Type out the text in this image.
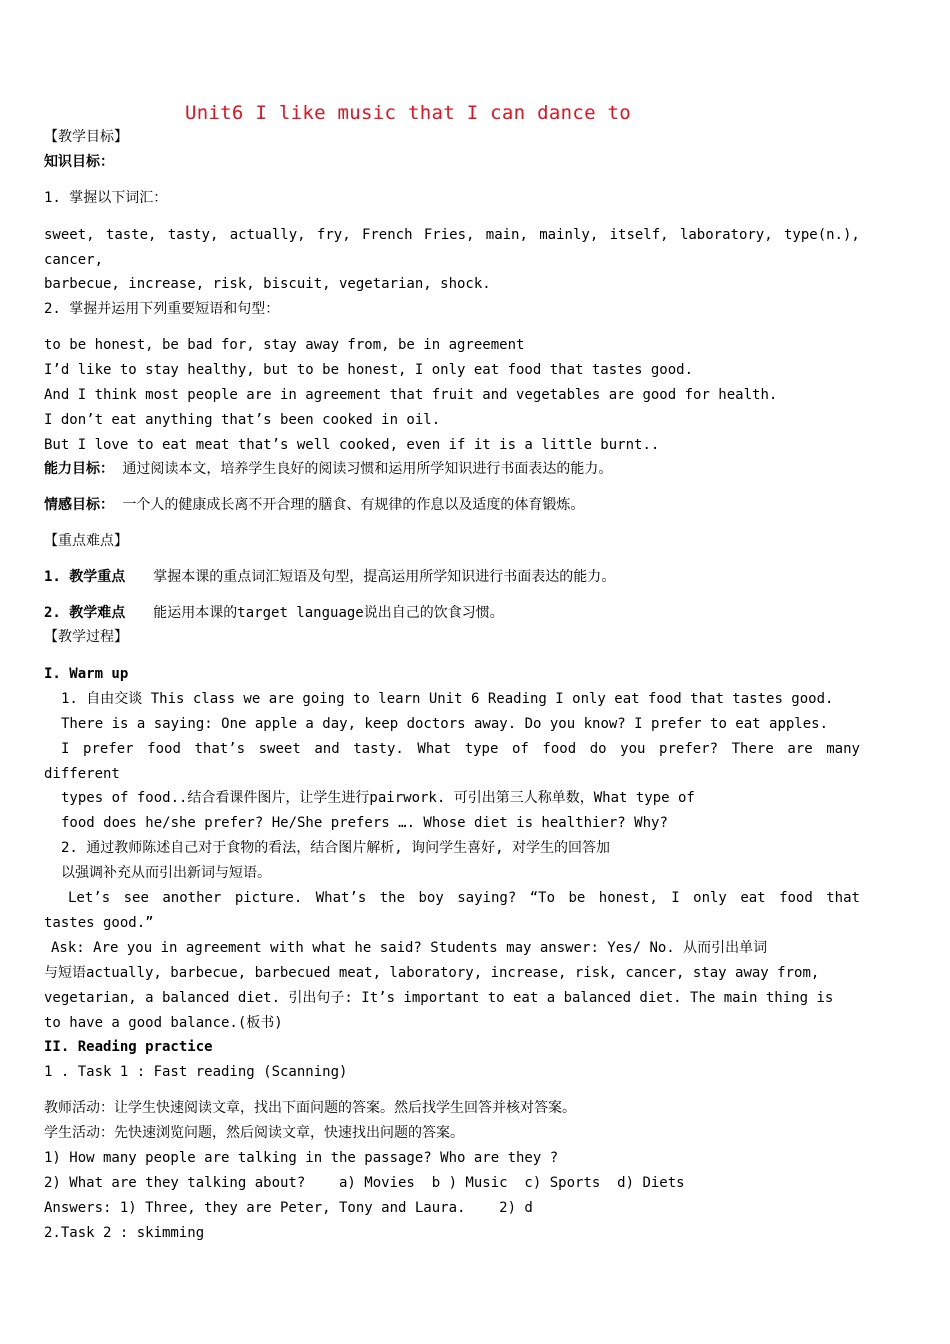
Unit6 I like music that I can dance to
【教学目标】
知识目标：
1. 掌握以下词汇：
sweet, taste, tasty, actually, fry, French Fries, main, mainly, itself, laboratory, type(n.),
cancer,
barbecue, increase, risk, biscuit, vegetarian, shock.
2. 掌握并运用下列重要短语和句型：
to be honest, be bad for, stay away from, be in agreement
I’d like to stay healthy, but to be honest, I only eat food that tastes good.
And I think most people are in agreement that fruit and vegetables are good for health.
I don’t eat anything that’s been cooked in oil.
But I love to eat meat that’s well cooked, even if it is a little burnt..
能力目标： 通过阅读本文，培养学生良好的阅读习惯和运用所学知识进行书面表达的能力。
情感目标： 一个人的健康成长离不开合理的膳食、有规律的作息以及适度的体育锻炼。
【重点难点】
1. 教学重点 掌握本课的重点词汇短语及句型，提高运用所学知识进行书面表达的能力。
2. 教学难点 能运用本课的target language说出自己的饮食习惯。
【教学过程】
I. Warm up
1. 自由交谈 This class we are going to learn Unit 6 Reading I only eat food that tastes good.
There is a saying: One apple a day, keep doctors away. Do you know? I prefer to eat apples.
I prefer food that’s sweet and tasty. What type of food do you prefer? There are many
different
types of food..结合看课件图片，让学生进行pairwork. 可引出第三人称单数，What type of
food does he/she prefer? He/She prefers …. Whose diet is healthier? Why?
2. 通过教师陈述自己对于食物的看法，结合图片解析, 询问学生喜好, 对学生的回答加
以强调补充从而引出新词与短语。
Let’s see another picture. What’s the boy saying? “To be honest, I only eat food that
tastes good.”
Ask: Are you in agreement with what he said? Students may answer: Yes/ No. 从而引出单词
与短语actually, barbecue, barbecued meat, laboratory, increase, risk, cancer, stay away from,
vegetarian, a balanced diet. 引出句子: It’s important to eat a balanced diet. The main thing is
to have a good balance.(板书)
II. Reading practice
1 . Task 1 : Fast reading (Scanning)
教师活动：让学生快速阅读文章，找出下面问题的答案。然后找学生回答并核对答案。
学生活动：先快速浏览问题，然后阅读文章，快速找出问题的答案。
1) How many people are talking in the passage? Who are they ?
2) What are they talking about?    a) Movies  b ) Music  c) Sports  d) Diets
Answers: 1) Three, they are Peter, Tony and Laura.    2) d
2.Task 2 : skimming
